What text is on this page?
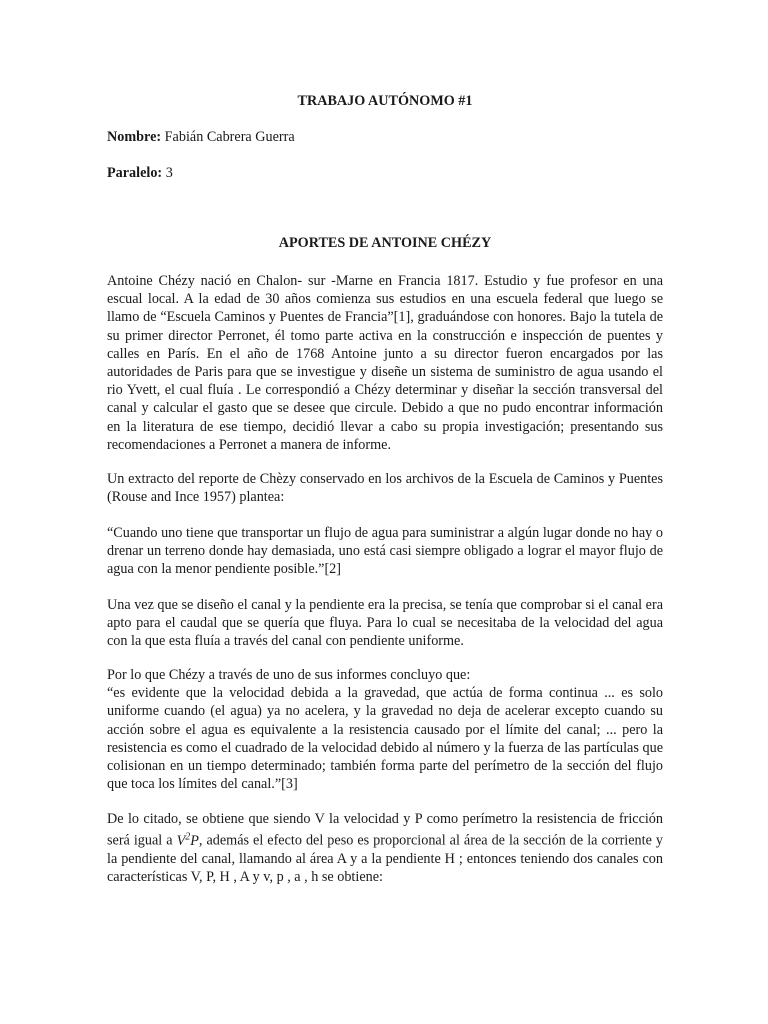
TRABAJO AUTÓNOMO #1
Nombre: Fabián Cabrera Guerra
Paralelo: 3
APORTES DE ANTOINE CHÉZY
Antoine Chézy nació en Chalon- sur -Marne en Francia 1817. Estudio y fue profesor en una escual local. A la edad de 30 años comienza sus estudios en una escuela federal que luego se llamo de “Escuela Caminos y Puentes de Francia”[1], graduándose con honores. Bajo la tutela de su primer director Perronet, él tomo parte activa en la construcción e inspección de puentes y calles en París. En el año de 1768 Antoine junto a su director fueron encargados por las autoridades de Paris para que se investigue y diseñe un sistema de suministro de agua usando el rio Yvett, el cual fluía . Le correspondió a Chézy determinar y diseñar la sección transversal del canal y calcular el gasto que se desee que circule. Debido a que no pudo encontrar información en la literatura de ese tiempo, decidió llevar a cabo su propia investigación; presentando sus recomendaciones a Perronet a manera de informe.
Un extracto del reporte de Chèzy conservado en los archivos de la Escuela de Caminos y Puentes (Rouse and Ince 1957) plantea:
“Cuando uno tiene que transportar un flujo de agua para suministrar a algún lugar donde no hay o drenar un terreno donde hay demasiada, uno está casi siempre obligado a lograr el mayor flujo de agua con la menor pendiente posible.”[2]
Una vez que se diseño el canal y la pendiente era la precisa, se tenía que comprobar si el canal era apto para el caudal que se quería que fluya. Para lo cual se necesitaba de la velocidad del agua con la que esta fluía a través del canal con pendiente uniforme.
Por lo que Chézy a través de uno de sus informes concluyo que:
“es evidente que la velocidad debida a la gravedad, que actúa de forma continua ... es solo uniforme cuando (el agua) ya no acelera, y la gravedad no deja de acelerar excepto cuando su acción sobre el agua es equivalente a la resistencia causado por el límite del canal; ... pero la resistencia es como el cuadrado de la velocidad debido al número y la fuerza de las partículas que colisionan en un tiempo determinado; también forma parte del perímetro de la sección del flujo que toca los límites del canal.”[3]
De lo citado, se obtiene que siendo V la velocidad y P como perímetro la resistencia de fricción será igual a $V^2P$, además el efecto del peso es proporcional al área de la sección de la corriente y la pendiente del canal, llamando al área A y a la pendiente H ; entonces teniendo dos canales con características V, P, H , A y v, p , a , h se obtiene:
